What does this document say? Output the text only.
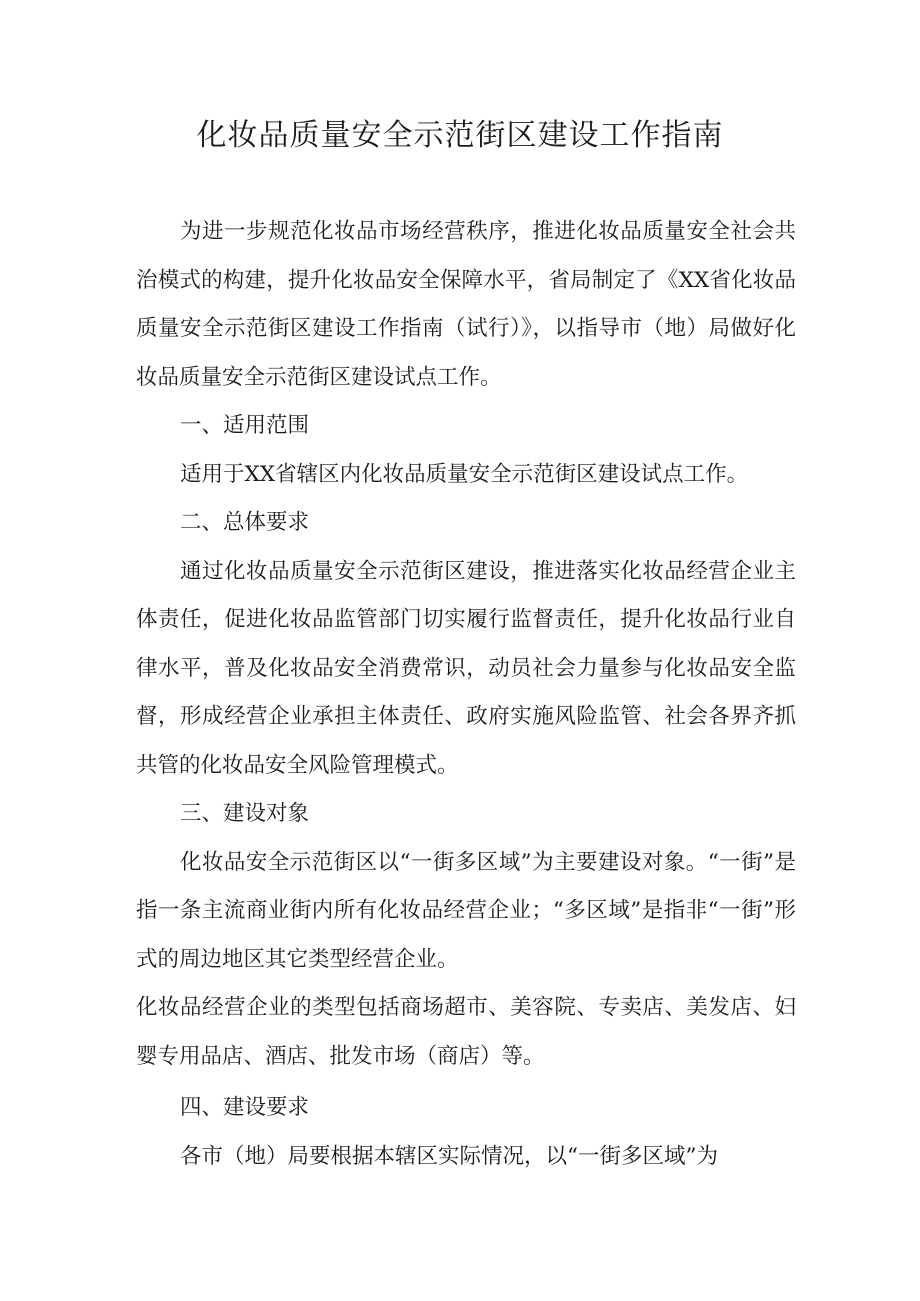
化妆品质量安全示范街区建设工作指南

为进一步规范化妆品市场经营秩序，推进化妆品质量安全社会共治模式的构建，提升化妆品安全保障水平，省局制定了《XX省化妆品质量安全示范街区建设工作指南（试行）》，以指导市（地）局做好化妆品质量安全示范街区建设试点工作。

一、适用范围

适用于XX省辖区内化妆品质量安全示范街区建设试点工作。

二、总体要求

通过化妆品质量安全示范街区建设，推进落实化妆品经营企业主体责任，促进化妆品监管部门切实履行监督责任，提升化妆品行业自律水平，普及化妆品安全消费常识，动员社会力量参与化妆品安全监督，形成经营企业承担主体责任、政府实施风险监管、社会各界齐抓共管的化妆品安全风险管理模式。

三、建设对象

化妆品安全示范街区以“一街多区域”为主要建设对象。“一街”是指一条主流商业街内所有化妆品经营企业；“多区域”是指非“一街”形式的周边地区其它类型经营企业。

化妆品经营企业的类型包括商场超市、美容院、专卖店、美发店、妇婴专用品店、酒店、批发市场（商店）等。

四、建设要求

各市（地）局要根据本辖区实际情况，以“一街多区域”为
